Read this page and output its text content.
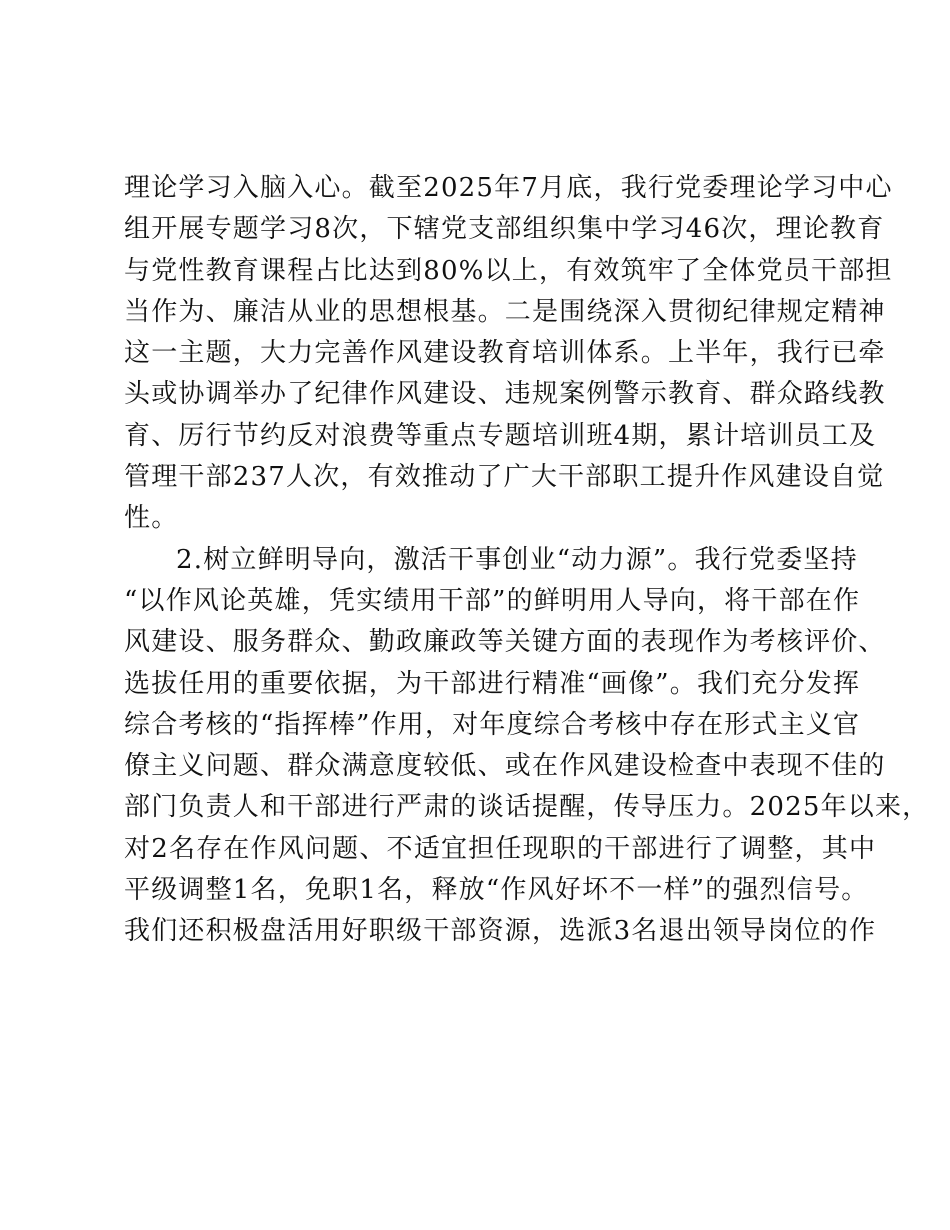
理论学习入脑入心。截至2025年7月底，我行党委理论学习中心
组开展专题学习8次，下辖党支部组织集中学习46次，理论教育
与党性教育课程占比达到80%以上，有效筑牢了全体党员干部担
当作为、廉洁从业的思想根基。二是围绕深入贯彻纪律规定精神
这一主题，大力完善作风建设教育培训体系。上半年，我行已牵
头或协调举办了纪律作风建设、违规案例警示教育、群众路线教
育、厉行节约反对浪费等重点专题培训班4期，累计培训员工及
管理干部237人次，有效推动了广大干部职工提升作风建设自觉
性。
2.树立鲜明导向，激活干事创业“动力源”。我行党委坚持
“以作风论英雄，凭实绩用干部”的鲜明用人导向，将干部在作
风建设、服务群众、勤政廉政等关键方面的表现作为考核评价、
选拔任用的重要依据，为干部进行精准“画像”。我们充分发挥
综合考核的“指挥棒”作用，对年度综合考核中存在形式主义官
僚主义问题、群众满意度较低、或在作风建设检查中表现不佳的
部门负责人和干部进行严肃的谈话提醒，传导压力。2025年以来，
对2名存在作风问题、不适宜担任现职的干部进行了调整，其中
平级调整1名，免职1名，释放“作风好坏不一样”的强烈信号。
我们还积极盘活用好职级干部资源，选派3名退出领导岗位的作
